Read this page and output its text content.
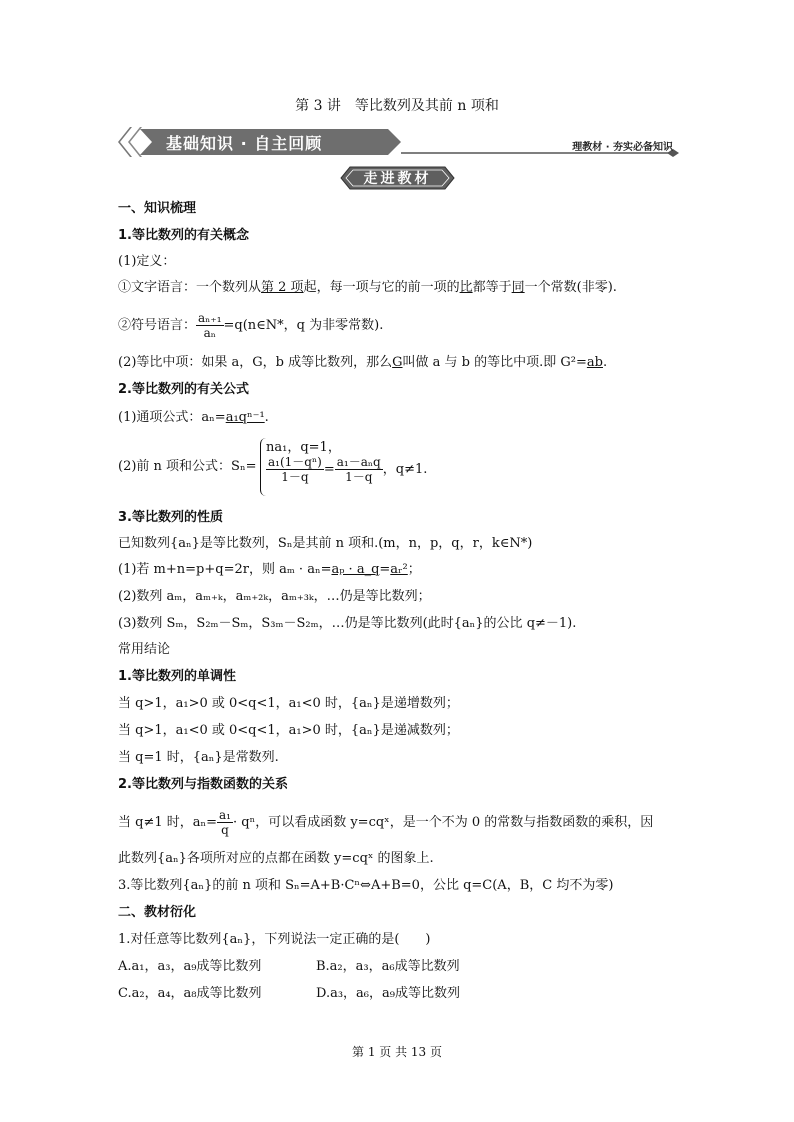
第 3 讲　等比数列及其前 n 项和
基础知识 · 自主回顾	理教材 · 夯实必备知识
走进教材
一、知识梳理
1.等比数列的有关概念
(1)定义：
①文字语言：一个数列从第 2 项起，每一项与它的前一项的比都等于同一个常数(非零).
②符号语言： $\frac{\text{aₙ₊₁}}{\text{aₙ}}$ =q(n∈N*，q 为非零常数).
(2)等比中项：如果 a，G，b 成等比数列，那么G叫做 a 与 b 的等比中项.即 G²=ab.
2.等比数列的有关公式
(1)通项公式：aₙ=a₁qⁿ⁻¹.
(2)前 n 项和公式：Sₙ=
na₁，q=1，
$\frac{\text{a₁(1－qⁿ)}}{1-q} = \frac{\text{a₁－aₙq}}{1-q}$ ，q≠1.
3.等比数列的性质
已知数列{aₙ}是等比数列，Sₙ是其前 n 项和.(m，n，p，q，r，k∈N*)
(1)若 m+n=p+q=2r，则 aₘ · aₙ=aₚ · a_q=aᵣ²；
(2)数列 aₘ，aₘ₊ₖ，aₘ₊₂ₖ，aₘ₊₃ₖ，…仍是等比数列；
(3)数列 Sₘ，S₂ₘ－Sₘ，S₃ₘ－S₂ₘ，…仍是等比数列(此时{aₙ}的公比 q≠－1).
常用结论
1.等比数列的单调性
当 q>1，a₁>0 或 0<q<1，a₁<0 时，{aₙ}是递增数列；
当 q>1，a₁<0 或 0<q<1，a₁>0 时，{aₙ}是递减数列；
当 q=1 时，{aₙ}是常数列.
2.等比数列与指数函数的关系
当 q≠1 时，$a_n= \frac{\text{a₁}}{q} \cdot q^n$，可以看成函数 y=cqˣ，是一个不为 0 的常数与指数函数的乘积，因
此数列{aₙ}各项所对应的点都在函数 y=cqˣ 的图象上.
3.等比数列{aₙ}的前 n 项和 Sₙ=A+B·Cⁿ⇔A+B=0，公比 q=C(A，B，C 均不为零)
二、教材衍化
1.对任意等比数列{aₙ}，下列说法一定正确的是(　　)
A.a₁，a₃，a₉成等比数列	B.a₂，a₃，a₆成等比数列
C.a₂，a₄，a₈成等比数列	D.a₃，a₆，a₉成等比数列
第 1 页 共 13 页
